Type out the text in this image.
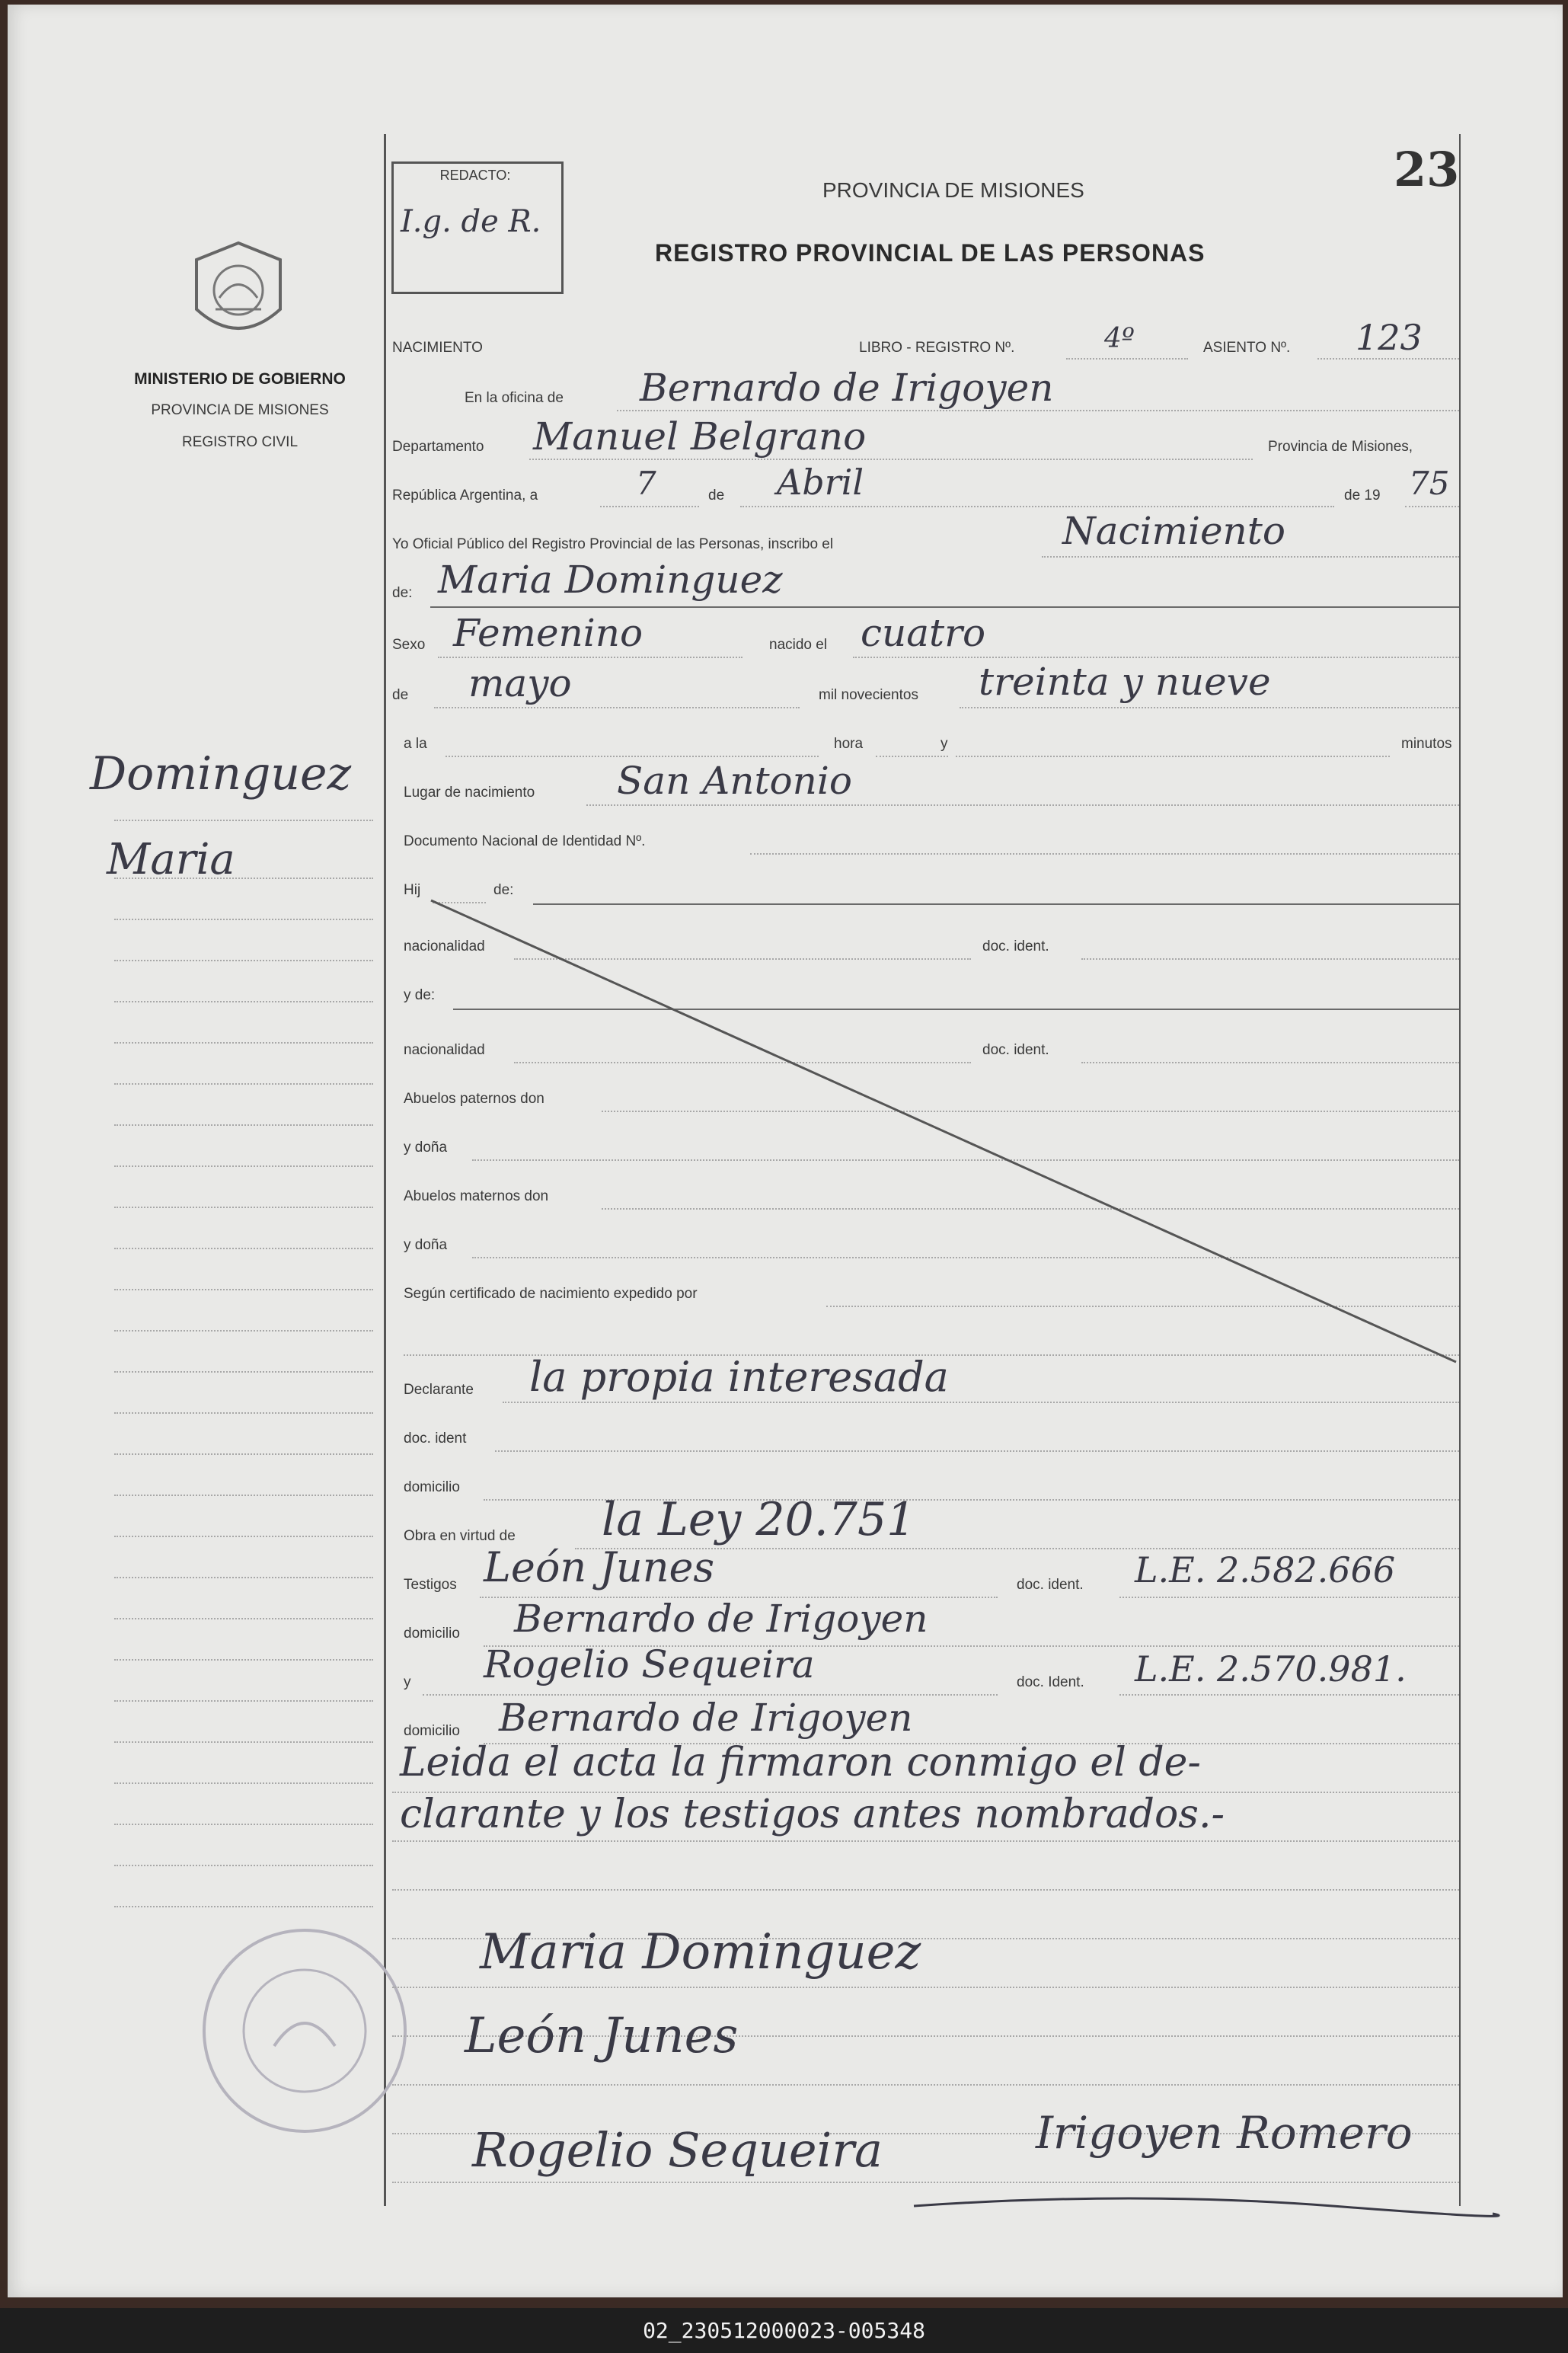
MINISTERIO DE GOBIERNO
PROVINCIA DE MISIONES
REGISTRO CIVIL
REDACTO:
I.g. de R.
PROVINCIA DE MISIONES
REGISTRO PROVINCIAL DE LAS PERSONAS
23
Dominguez
Maria
NACIMIENTO	LIBRO - REGISTRO Nº.	4º	ASIENTO Nº. 123
En la oficina de Bernardo de Irigoyen
Departamento Manuel Belgrano	Provincia de Misiones,
República Argentina, a	7	de Abril	de 19 75
Yo Oficial Público del Registro Provincial de las Personas, inscribo el	Nacimiento
de: Maria Dominguez
Sexo Femenino	nacido el cuatro
de mayo	mil novecientos treinta y nueve
a la	hora	y	minutos
Lugar de nacimiento San Antonio
Documento Nacional de Identidad Nº.
Hij	de:
nacionalidad	doc. ident.
y de:
nacionalidad	doc. ident.
Abuelos paternos don
y doña
Abuelos maternos don
y doña
Según certificado de nacimiento expedido por
Declarante la propia interesada
doc. ident
domicilio
Obra en virtud de la Ley 20.751
Testigos León Junes	doc. ident. L.E. 2.582.666
domicilio Bernardo de Irigoyen
y Rogelio Sequeira	doc. Ident. L.E. 2.570.981.
domicilio Bernardo de Irigoyen
Leida el acta la firmaron conmigo el de-
clarante y los testigos antes nombrados.-
Maria Dominguez
León Junes
Rogelio Sequeira	Irigoyen Romero
02_230512000023-005348
